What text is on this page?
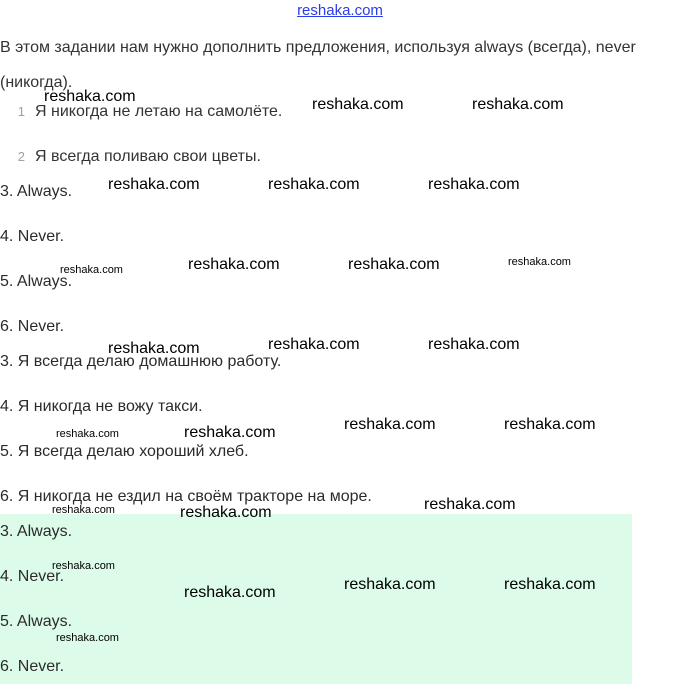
reshaka.com
В этом задании нам нужно дополнить предложения, используя always (всегда), never (никогда).
1 Я никогда не летаю на самолёте.
2 Я всегда поливаю свои цветы.
3. Always.
4. Never.
5. Always.
6. Never.
3. Я всегда делаю домашнюю работу.
4. Я никогда не вожу такси.
5. Я всегда делаю хороший хлеб.
6. Я никогда не ездил на своём тракторе на море.
3. Always.
4. Never.
5. Always.
6. Never.
reshaka.com	reshaka.com	reshaka.com
reshaka.com	reshaka.com	reshaka.com
reshaka.com	reshaka.com	reshaka.com	reshaka.com
reshaka.com	reshaka.com	reshaka.com
reshaka.com	reshaka.com	reshaka.com	reshaka.com
reshaka.com	reshaka.com	reshaka.com
reshaka.com
reshaka.com	reshaka.com	reshaka.com
reshaka.com
